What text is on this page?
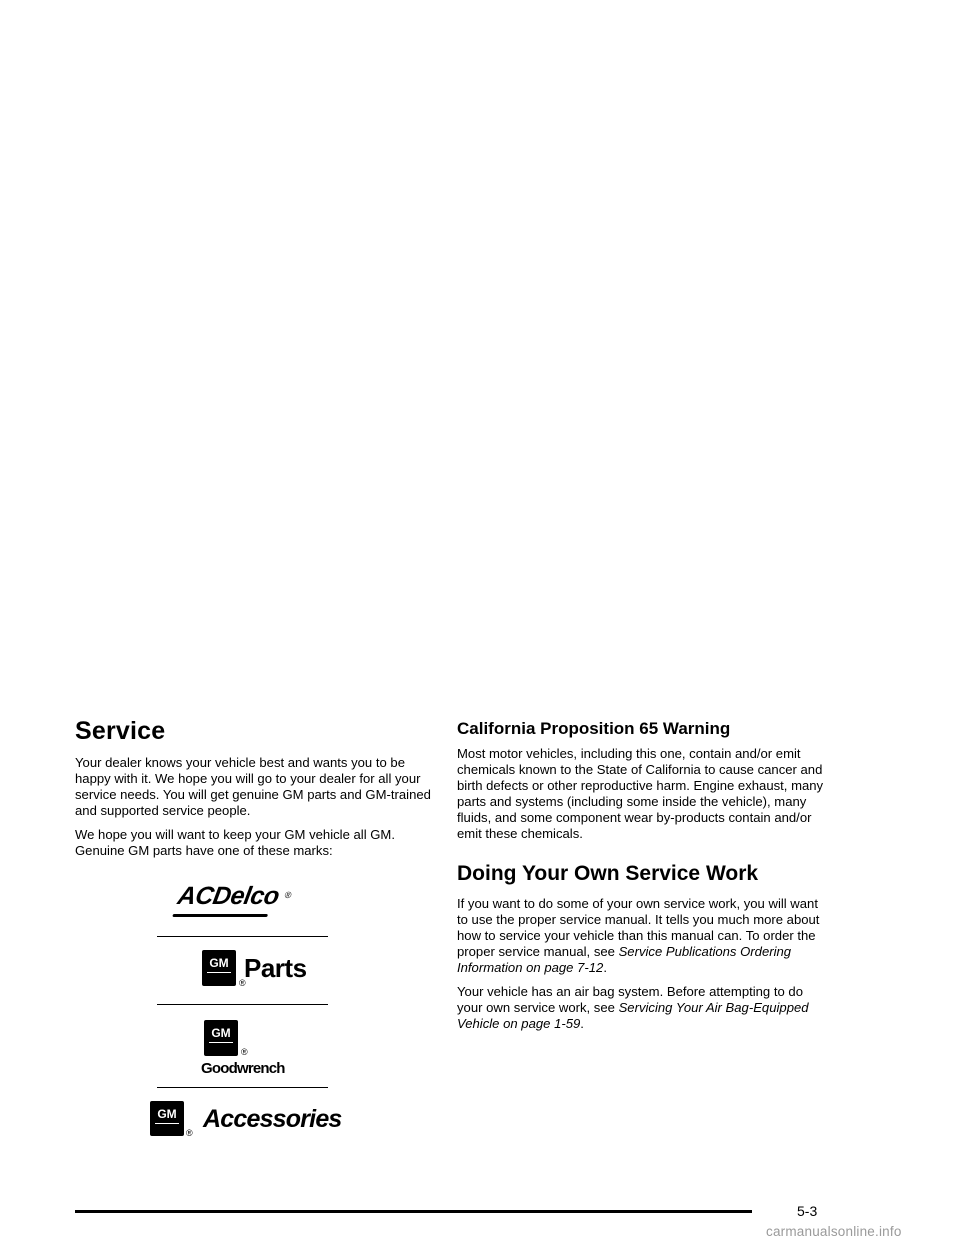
Service

Your dealer knows your vehicle best and wants you to be happy with it. We hope you will go to your dealer for all your service needs. You will get genuine GM parts and GM-trained and supported service people.

We hope you will want to keep your GM vehicle all GM. Genuine GM parts have one of these marks:

ACDelco ®
GM
®
Parts
GM
®
Goodwrench
GM
® Accessories
California Proposition 65 Warning

Most motor vehicles, including this one, contain and/or emit chemicals known to the State of California to cause cancer and birth defects or other reproductive harm. Engine exhaust, many parts and systems (including some inside the vehicle), many fluids, and some component wear by-products contain and/or emit these chemicals.

Doing Your Own Service Work

If you want to do some of your own service work, you will want to use the proper service manual. It tells you much more about how to service your vehicle than this manual can. To order the proper service manual, see Service Publications Ordering Information on page 7-12.

Your vehicle has an air bag system. Before attempting to do your own service work, see Servicing Your Air Bag-Equipped Vehicle on page 1-59.

5-3
carmanualsonline.info
